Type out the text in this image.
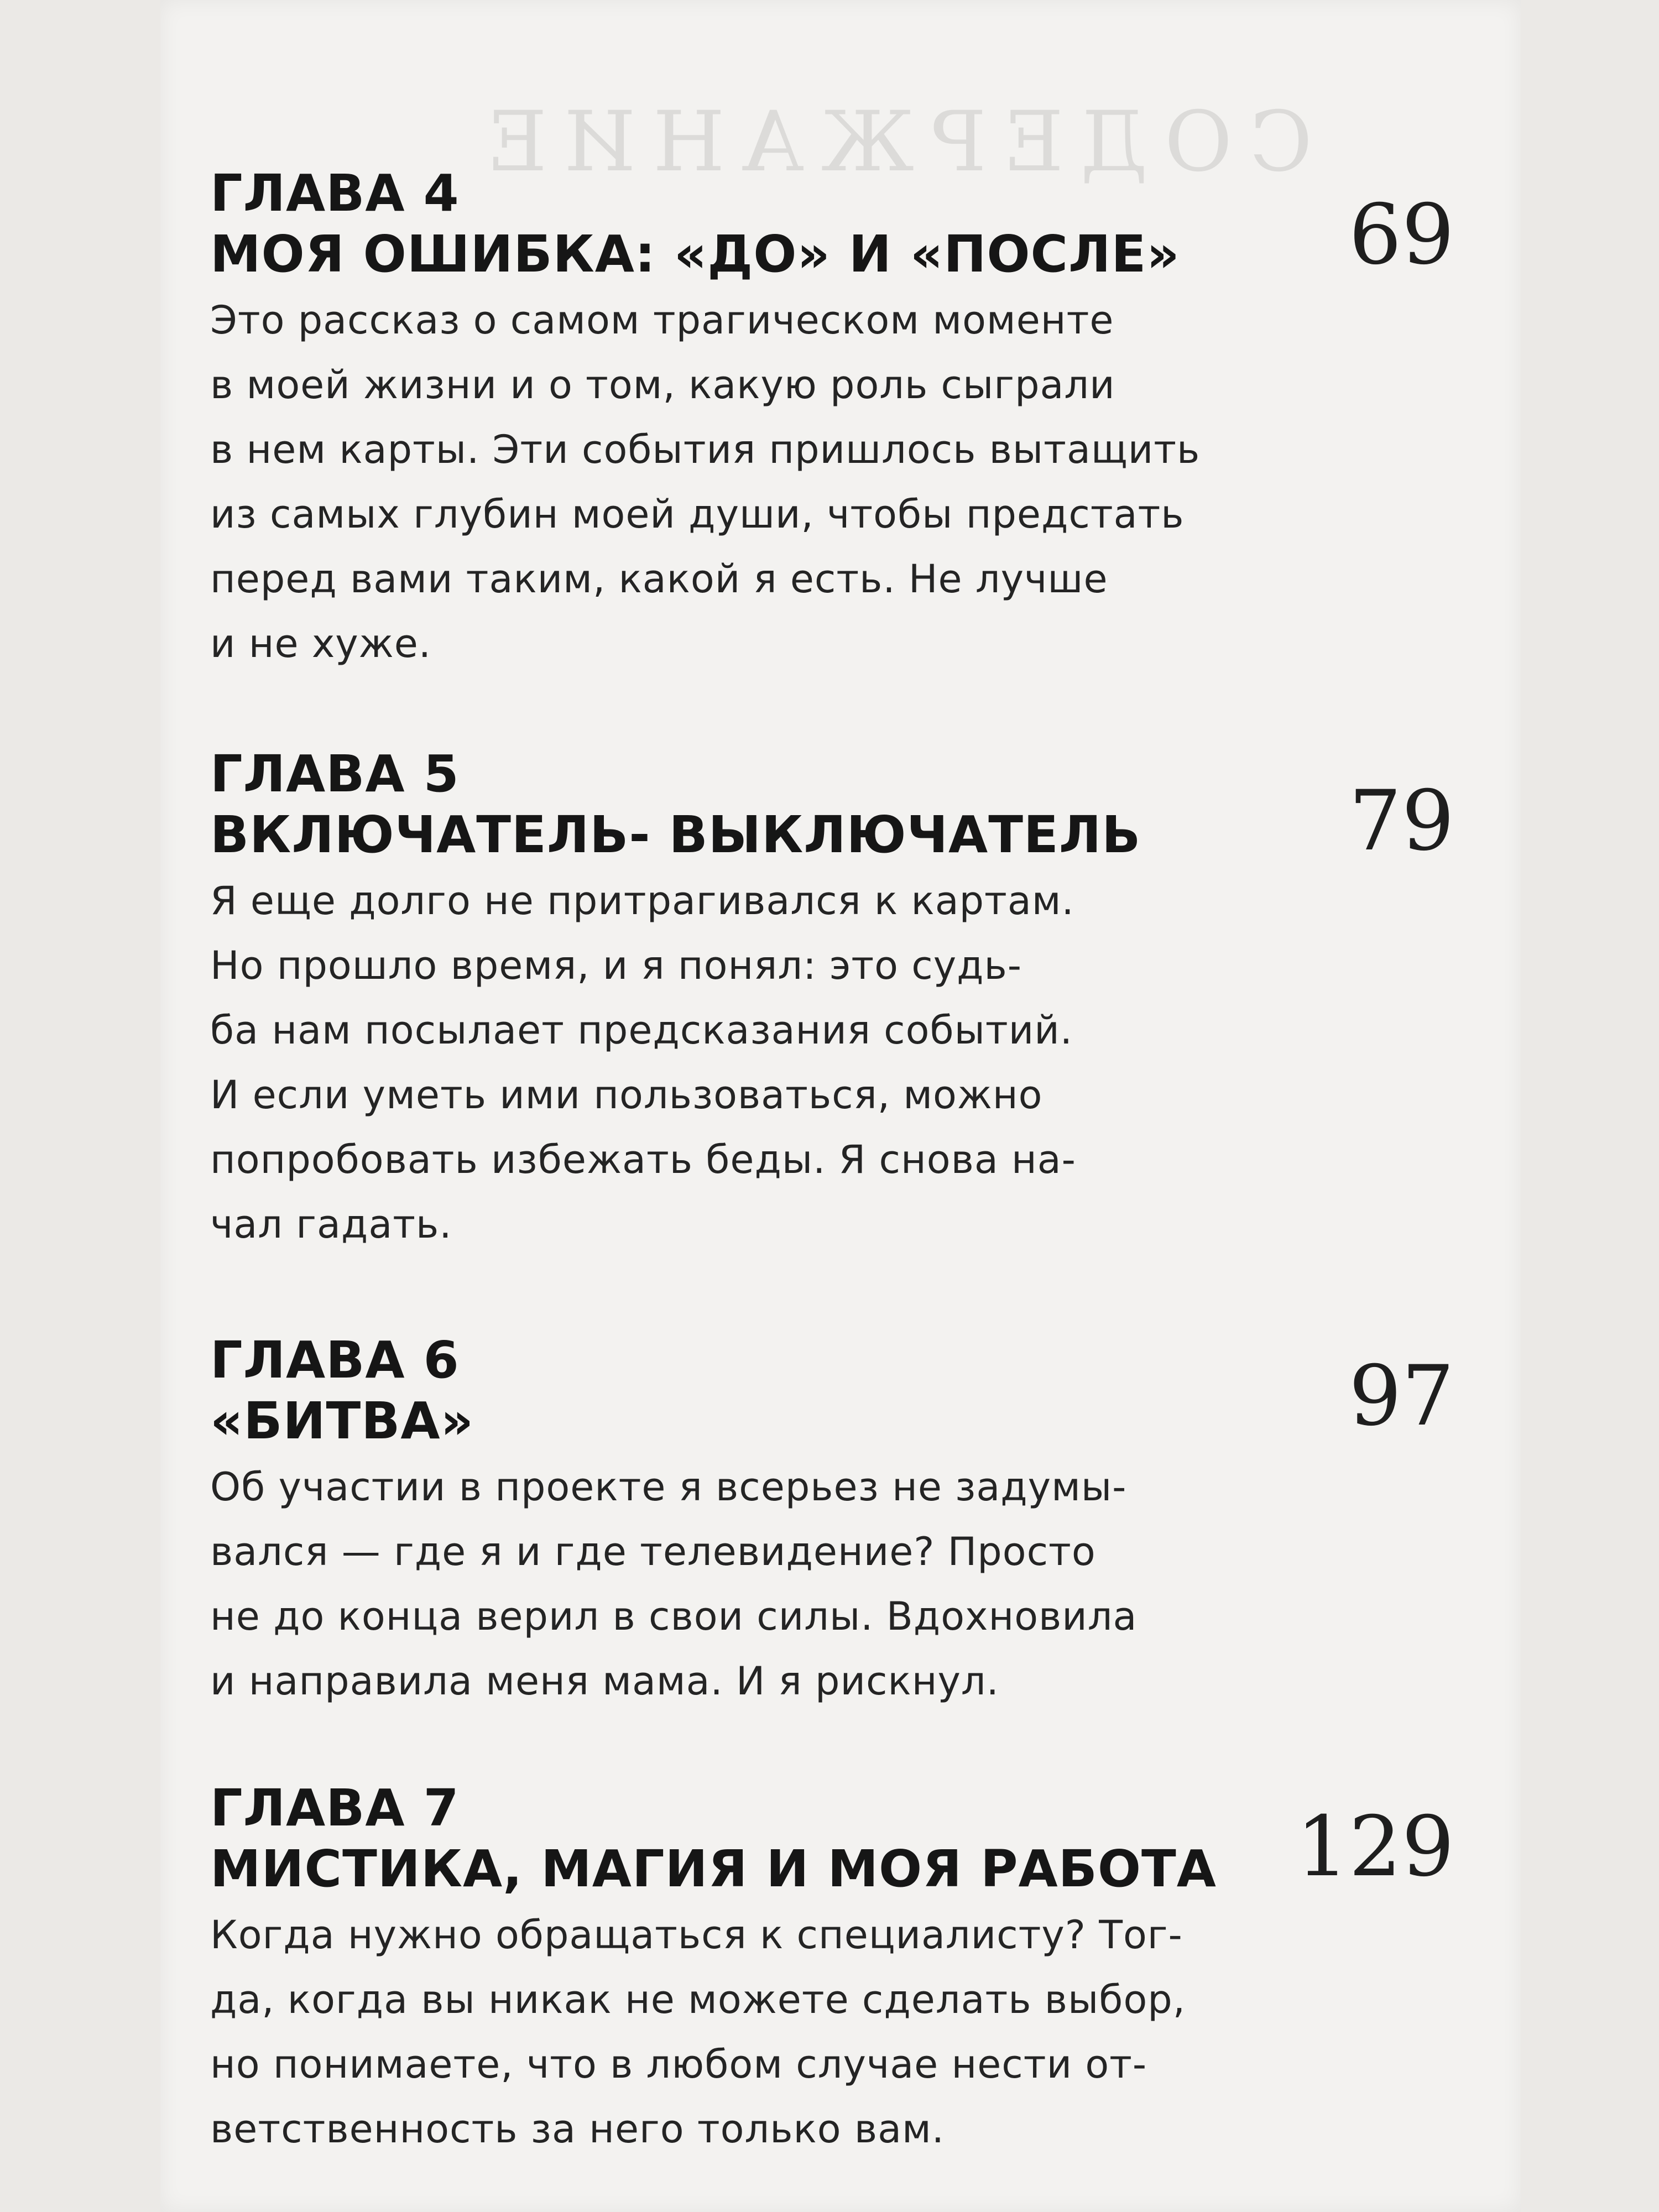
СОДЕРЖАНИЕ
ГЛАВА 4
МОЯ ОШИБКА: «ДО» И «ПОСЛЕ»	69

Это рассказ о самом трагическом моменте
в моей жизни и о том, какую роль сыграли
в нем карты. Эти события пришлось вытащить
из самых глубин моей души, чтобы предстать
перед вами таким, какой я есть. Не лучше
и не хуже.

ГЛАВА 5
ВКЛЮЧАТЕЛЬ- ВЫКЛЮЧАТЕЛЬ	79

Я еще долго не притрагивался к картам.
Но прошло время, и я понял: это судь-
ба нам посылает предсказания событий.
И если уметь ими пользоваться, можно
попробовать избежать беды. Я снова на-
чал гадать.

ГЛАВА 6
«БИТВА»	97

Об участии в проекте я всерьез не задумы-
вался — где я и где телевидение? Просто
не до конца верил в свои силы. Вдохновила
и направила меня мама. И я рискнул.

ГЛАВА 7
МИСТИКА, МАГИЯ И МОЯ РАБОТА 129

Когда нужно обращаться к специалисту? Тог-
да, когда вы никак не можете сделать выбор,
но понимаете, что в любом случае нести от-
ветственность за него только вам.
